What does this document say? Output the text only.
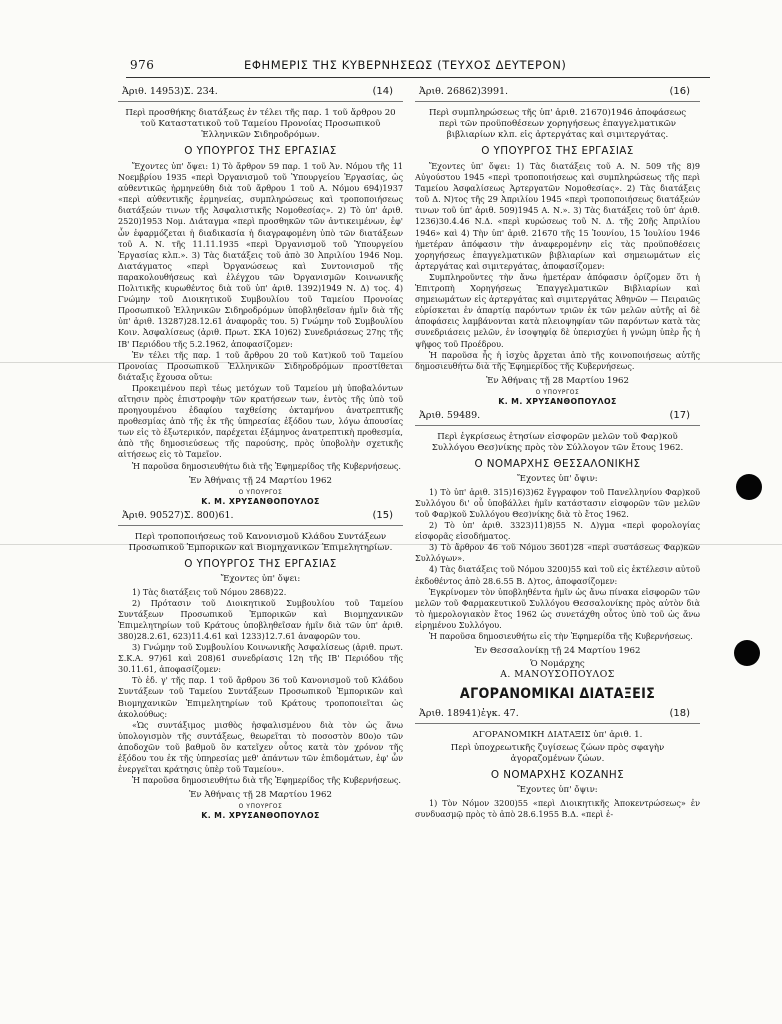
976	ΕΦΗΜΕΡΙΣ ΤΗΣ ΚΥΒΕΡΝΗΣΕΩΣ (ΤΕΥΧΟΣ ΔΕΥΤΕΡΟΝ)
Ἀριθ. 14953)Σ. 234.	(14)
Περὶ προσθήκης διατάξεως ἐν τέλει τῆς παρ. 1 τοῦ ἄρθρου 20 τοῦ Καταστατικοῦ τοῦ Ταμείου Προνοίας Προσωπικοῦ Ἑλληνικῶν Σιδηροδρόμων.
Ο ΥΠΟΥΡΓΟΣ ΤΗΣ ΕΡΓΑΣΙΑΣ

Ἔχοντες ὑπ' ὄψει: 1) Τὸ ἄρθρον 59 παρ. 1 τοῦ Ἀν. Νόμου τῆς 11 Νοεμβρίου 1935 «περὶ Ὀργανισμοῦ τοῦ Ὑπουργείου Ἐργασίας, ὡς αὐθεντικῶς ἡρμηνεύθη διὰ τοῦ ἄρθρου 1 τοῦ Α. Νόμου 694)1937 «περὶ αὐθεντικῆς ἑρμηνείας, συμπληρώσεως καὶ τροποποιήσεως διατάξεών τινων τῆς Ἀσφαλιστικῆς Νομοθεσίας». 2) Τὸ ὑπ' ἀριθ. 2520)1953 Νομ. Διάταγμα «περὶ προσθηκῶν τῶν ἀντικειμένων, ἐφ' ὧν ἐφαρμόζεται ἡ διαδικασία ἡ διαγραφομένη ὑπὸ τῶν διατάξεων τοῦ Α. Ν. τῆς 11.11.1935 «περὶ Ὀργανισμοῦ τοῦ Ὑπουργείου Ἐργασίας κλπ.». 3) Τὰς διατάξεις τοῦ ἀπὸ 30 Ἀπριλίου 1946 Νομ. Διατάγματος «περὶ Ὀργανώσεως καὶ Συντονισμοῦ τῆς παρακολουθήσεως καὶ ἐλέγχου τῶν Ὀργανισμῶν Κοινωνικῆς Πολιτικῆς κυρωθέντος διὰ τοῦ ὑπ' ἀριθ. 1392)1949 Ν. Δ) τος. 4) Γνώμην τοῦ Διοικητικοῦ Συμβουλίου τοῦ Ταμείου Προνοίας Προσωπικοῦ Ἑλληνικῶν Σιδηροδρόμων ὑποβληθεῖσαν ἡμῖν διὰ τῆς ὑπ' ἀριθ. 13287)28.12.61 ἀναφορᾶς του. 5) Γνώμην τοῦ Συμβουλίου Κοιν. Ἀσφαλίσεως (ἀριθ. Πρωτ. ΣΚΑ 10)62) Συνεδριάσεως 27ης τῆς ΙΒ' Περιόδου τῆς 5.2.1962, ἀποφασίζομεν:

Ἐν τέλει τῆς παρ. 1 τοῦ ἄρθρου 20 τοῦ Κατ)κοῦ τοῦ Ταμείου Προνοίας Προσωπικοῦ Ἑλληνικῶν Σιδηροδρόμων προστίθεται διάταξις ἔχουσα οὕτω:

Προκειμένου περὶ τέως μετόχων τοῦ Ταμείου μὴ ὑποβαλόντων αἴτησιν πρὸς ἐπιστροφὴν τῶν κρατήσεων των, ἐντὸς τῆς ὑπὸ τοῦ προηγουμένου ἐδαφίου ταχθείσης ὀκταμήνου ἀνατρεπτικῆς προθεσμίας ἀπὸ τῆς ἐκ τῆς ὑπηρεσίας ἐξόδου των, λόγω ἀπουσίας των εἰς τὸ ἐξωτερικόν, παρέχεται ἐξάμηνος ἀνατρεπτικὴ προθεσμία, ἀπὸ τῆς δημοσιεύσεως τῆς παρούσης, πρὸς ὑποβολὴν σχετικῆς αἰτήσεως εἰς τὸ Ταμεῖον.

Ἡ παροῦσα δημοσιευθήτω διὰ τῆς Ἐφημερίδος τῆς Κυβερνήσεως.

Ἐν Ἀθήναις τῇ 24 Μαρτίου 1962
Ο ΥΠΟΥΡΓΟΣ
Κ. Μ. ΧΡΥΣΑΝΘΟΠΟΥΛΟΣ
Ἀριθ. 90527)Σ. 800)61.	(15)
Περὶ τροποποιήσεως τοῦ Κανονισμοῦ Κλάδου Συντάξεων Προσωπικοῦ Ἐμπορικῶν καὶ Βιομηχανικῶν Ἐπιμελητηρίων.
Ο ΥΠΟΥΡΓΟΣ ΤΗΣ ΕΡΓΑΣΙΑΣ
Ἔχοντες ὑπ' ὄψει:

1) Τὰς διατάξεις τοῦ Νόμου 2868)22.

2) Πρότασιν τοῦ Διοικητικοῦ Συμβουλίου τοῦ Ταμείου Συντάξεων Προσωπικοῦ Ἐμπορικῶν καὶ Βιομηχανικῶν Ἐπιμελητηρίων τοῦ Κράτους ὑποβληθεῖσαν ἡμῖν διὰ τῶν ὑπ' ἀριθ. 380)28.2.61, 623)11.4.61 καὶ 1233)12.7.61 ἀναφορῶν του.

3) Γνώμην τοῦ Συμβουλίου Κοινωνικῆς Ἀσφαλίσεως (ἀριθ. πρωτ. Σ.Κ.Α. 97)61 καὶ 208)61 συνεδρίασις 12η τῆς ΙΒ' Περιόδου τῆς 30.11.61, ἀποφασίζομεν:

Τὸ ἐδ. γ' τῆς παρ. 1 τοῦ ἄρθρου 36 τοῦ Κανονισμοῦ τοῦ Κλάδου Συντάξεων τοῦ Ταμείου Συντάξεων Προσωπικοῦ Ἐμπορικῶν καὶ Βιομηχανικῶν Ἐπιμελητηρίων τοῦ Κράτους τροποποιεῖται ὡς ἀκολούθως:

«Ὡς συντάξιμος μισθὸς ἠσφαλισμένου διὰ τὸν ὡς ἄνω ὑπολογισμὸν τῆς συντάξεως, θεωρεῖται τὸ ποσοστὸν 80ο)ο τῶν ἀποδοχῶν τοῦ βαθμοῦ ὃν κατεῖχεν οὗτος κατὰ τὸν χρόνον τῆς ἐξόδου του ἐκ τῆς ὑπηρεσίας μεθ' ἁπάντων τῶν ἐπιδομάτων, ἐφ' ὧν ἐνεργεῖται κράτησις ὑπὲρ τοῦ Ταμείου».

Ἡ παροῦσα δημοσιευθήτω διὰ τῆς Ἐφημερίδος τῆς Κυβερνήσεως.

Ἐν Ἀθήναις τῇ 28 Μαρτίου 1962
Ο ΥΠΟΥΡΓΟΣ
Κ. Μ. ΧΡΥΣΑΝΘΟΠΟΥΛΟΣ
Ἀριθ. 26862)3991.	(16)
Περὶ συμπληρώσεως τῆς ὑπ' ἀριθ. 21670)1946 ἀποφάσεως περὶ τῶν προϋποθέσεων χορηγήσεως ἐπαγγελματικῶν βιβλιαρίων κλπ. εἰς ἀρτεργάτας καὶ σιμιτεργάτας.
Ο ΥΠΟΥΡΓΟΣ ΤΗΣ ΕΡΓΑΣΙΑΣ

Ἔχοντες ὑπ' ὄψει: 1) Τὰς διατάξεις τοῦ Α. Ν. 509 τῆς 8)9 Αὐγούστου 1945 «περὶ τροποποιήσεως καὶ συμπληρώσεως τῆς περὶ Ταμείου Ἀσφαλίσεως Ἀρτεργατῶν Νομοθεσίας». 2) Τὰς διατάξεις τοῦ Δ. Ν)τος τῆς 29 Ἀπριλίου 1945 «περὶ τροποποιήσεως διατάξεών τινων τοῦ ὑπ' ἀριθ. 509)1945 Α. Ν.». 3) Τὰς διατάξεις τοῦ ὑπ' ἀριθ. 1236)30.4.46 Ν.Δ. «περὶ κυρώσεως τοῦ Ν. Δ. τῆς 20ῆς Ἀπριλίου 1946» καὶ 4) Τὴν ὑπ' ἀριθ. 21670 τῆς 15 Ἰουνίου, 15 Ἰουλίου 1946 ἡμετέραν ἀπόφασιν τὴν ἀναφερομένην εἰς τὰς προϋποθέσεις χορηγήσεως ἐπαγγελματικῶν βιβλιαρίων καὶ σημειωμάτων εἰς ἀρτεργάτας καὶ σιμιτεργάτας, ἀποφασίζομεν:

Συμπληροῦντες τὴν ἄνω ἡμετέραν ἀπόφασιν ὁρίζομεν ὅτι ἡ Ἐπιτροπὴ Χορηγήσεως Ἐπαγγελματικῶν Βιβλιαρίων καὶ σημειωμάτων εἰς ἀρτεργάτας καὶ σιμιτεργάτας Ἀθηνῶν — Πειραιῶς εὑρίσκεται ἐν ἀπαρτίᾳ παρόντων τριῶν ἐκ τῶν μελῶν αὐτῆς αἱ δὲ ἀποφάσεις λαμβάνονται κατὰ πλειοψηφίαν τῶν παρόντων κατὰ τὰς συνεδριάσεις μελῶν, ἐν ἰσοψηφίᾳ δὲ ὑπερισχύει ἡ γνώμη ὑπὲρ ἧς ἡ ψῆφος τοῦ Προέδρου.

Ἡ παροῦσα ἧς ἡ ἰσχὺς ἄρχεται ἀπὸ τῆς κοινοποιήσεως αὐτῆς δημοσιευθήτω διὰ τῆς Ἐφημερίδος τῆς Κυβερνήσεως.

Ἐν Ἀθήναις τῇ 28 Μαρτίου 1962
Ο ΥΠΟΥΡΓΟΣ
Κ. Μ. ΧΡΥΣΑΝΘΟΠΟΥΛΟΣ
Ἀριθ. 59489.	(17)
Περὶ ἐγκρίσεως ἐτησίων εἰσφορῶν μελῶν τοῦ Φαρ)κοῦ Συλλόγου Θεσ)νίκης πρὸς τὸν Σύλλογον τῶν ἔτους 1962.
Ο ΝΟΜΑΡΧΗΣ ΘΕΣΣΑΛΟΝΙΚΗΣ
Ἔχοντες ὑπ' ὄψιν:

1) Τὸ ὑπ' ἀριθ. 315)16)3)62 ἔγγραφον τοῦ Πανελληνίου Φαρ)κοῦ Συλλόγου δι' οὗ ὑποβάλλει ἡμῖν κατάστασιν εἰσφορῶν τῶν μελῶν τοῦ Φαρ)κοῦ Συλλόγου Θεσ)νίκης διὰ τὸ ἔτος 1962.

2) Τὸ ὑπ' ἀριθ. 3323)11)8)55 Ν. Δ)γμα «περὶ φορολογίας εἰσφορᾶς εἰσοδήματος.

3) Τὸ ἄρθρον 46 τοῦ Νόμου 3601)28 «περὶ συστάσεως Φαρ)κῶν Συλλόγων».

4) Τὰς διατάξεις τοῦ Νόμου 3200)55 καὶ τοῦ εἰς ἐκτέλεσιν αὐτοῦ ἐκδοθέντος ἀπὸ 28.6.55 Β. Δ)τος, ἀποφασίζομεν:

Ἐγκρίνομεν τὸν ὑποβληθέντα ἡμῖν ὡς ἄνω πίνακα εἰσφορῶν τῶν μελῶν τοῦ Φαρμακευτικοῦ Συλλόγου Θεσσαλονίκης πρὸς αὐτὸν διὰ τὸ ἡμερολογιακὸν ἔτος 1962 ὡς συνετάχθη οὗτος ὑπὸ τοῦ ὡς ἄνω εἰρημένου Συλλόγου.

Ἡ παροῦσα δημοσιευθήτω εἰς τὴν Ἐφημερίδα τῆς Κυβερνήσεως.

Ἐν Θεσσαλονίκῃ τῇ 24 Μαρτίου 1962
Ὁ Νομάρχης
Α. ΜΑΝΟΥΣΟΠΟΥΛΟΣ
ΑΓΟΡΑΝΟΜΙΚΑΙ ΔΙΑΤΑΞΕΙΣ
Ἀριθ. 18941)ἐγκ. 47.	(18)
ΑΓΟΡΑΝΟΜΙΚΗ ΔΙΑΤΑΞΙΣ ὑπ' ἀριθ. 1.
Περὶ ὑποχρεωτικῆς ζυγίσεως ζώων πρὸς σφαγὴν ἀγοραζομένων ζώων.
Ο ΝΟΜΑΡΧΗΣ ΚΟΖΑΝΗΣ
Ἔχοντες ὑπ' ὄψιν:

1) Τὸν Νόμον 3200)55 «περὶ Διοικητικῆς Ἀποκεντρώσεως» ἐν συνδυασμῷ πρὸς τὸ ἀπὸ 28.6.1955 Β.Δ. «περὶ ἐ-
